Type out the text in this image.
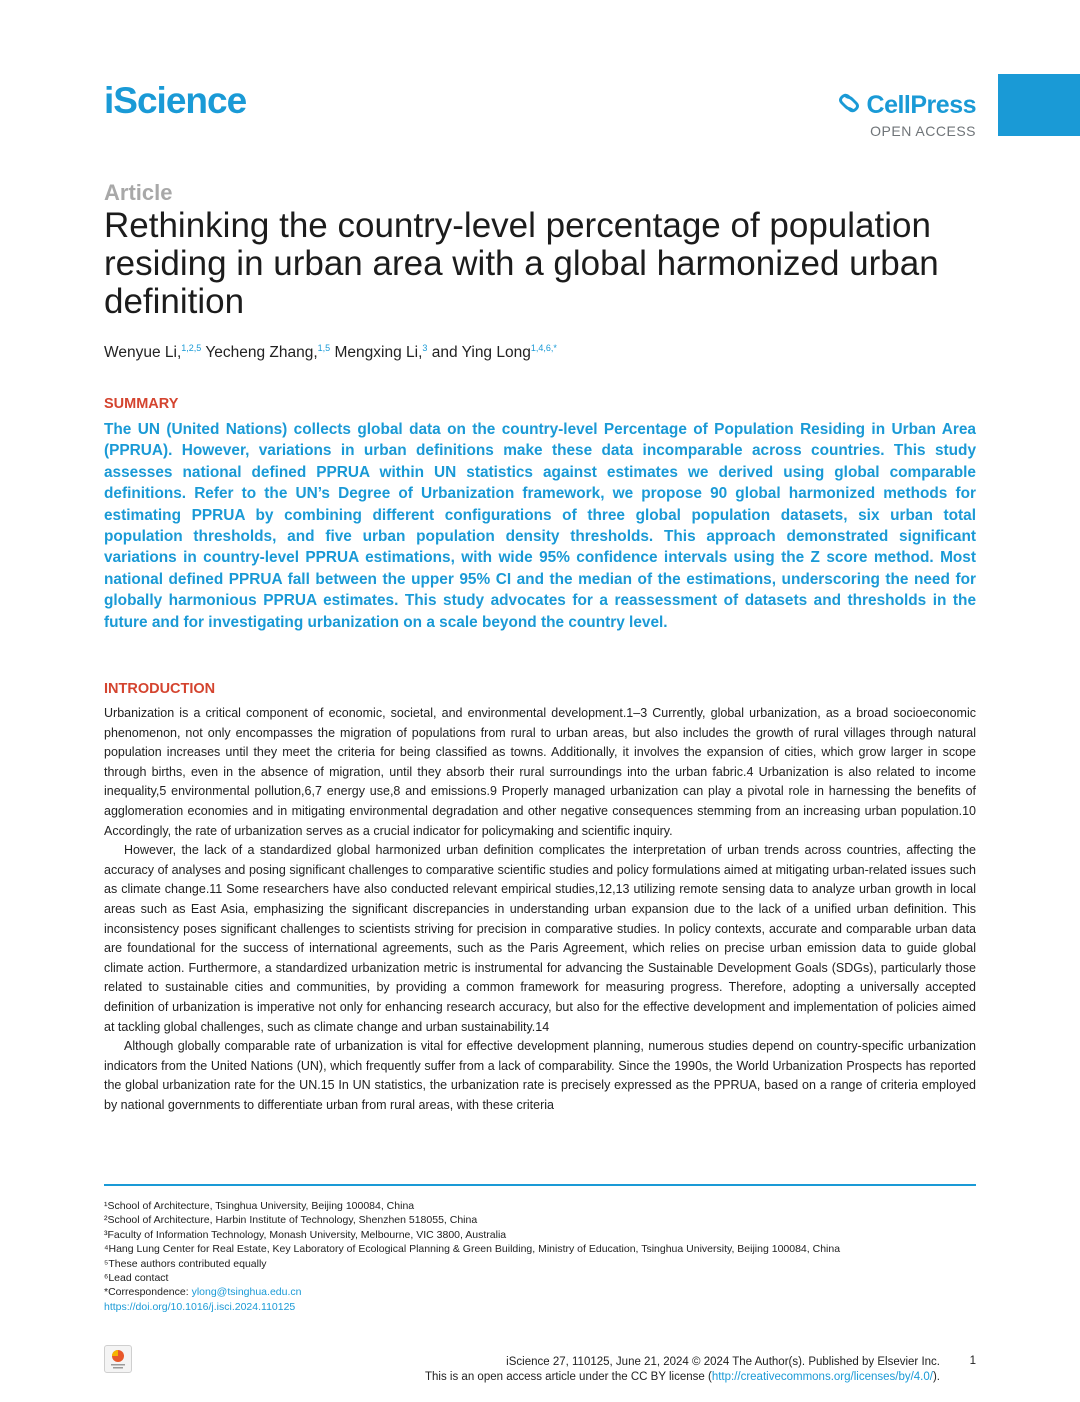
iScience	CellPress
OPEN ACCESS
Article
Rethinking the country-level percentage of population residing in urban area with a global harmonized urban definition
Wenyue Li,$^{1,2,5}$ Yecheng Zhang,$^{1,5}$ Mengxing Li,$^3$ and Ying Long$^{1,4,6,*}$
SUMMARY
The UN (United Nations) collects global data on the country-level Percentage of Population Residing in Urban Area (PPRUA). However, variations in urban definitions make these data incomparable across countries. This study assesses national defined PPRUA within UN statistics against estimates we derived using global comparable definitions. Refer to the UN’s Degree of Urbanization framework, we propose 90 global harmonized methods for estimating PPRUA by combining different configurations of three global population datasets, six urban total population thresholds, and five urban population density thresholds. This approach demonstrated significant variations in country-level PPRUA estimations, with wide 95% confidence intervals using the Z score method. Most national defined PPRUA fall between the upper 95% CI and the median of the estimations, underscoring the need for globally harmonious PPRUA estimates. This study advocates for a reassessment of datasets and thresholds in the future and for investigating urbanization on a scale beyond the country level.
INTRODUCTION

Urbanization is a critical component of economic, societal, and environmental development.1–3 Currently, global urbanization, as a broad socioeconomic phenomenon, not only encompasses the migration of populations from rural to urban areas, but also includes the growth of rural villages through natural population increases until they meet the criteria for being classified as towns. Additionally, it involves the expansion of cities, which grow larger in scope through births, even in the absence of migration, until they absorb their rural surroundings into the urban fabric.4 Urbanization is also related to income inequality,5 environmental pollution,6,7 energy use,8 and emissions.9 Properly managed urbanization can play a pivotal role in harnessing the benefits of agglomeration economies and in mitigating environmental degradation and other negative consequences stemming from an increasing urban population.10 Accordingly, the rate of urbanization serves as a crucial indicator for policymaking and scientific inquiry.

However, the lack of a standardized global harmonized urban definition complicates the interpretation of urban trends across countries, affecting the accuracy of analyses and posing significant challenges to comparative scientific studies and policy formulations aimed at mitigating urban-related issues such as climate change.11 Some researchers have also conducted relevant empirical studies,12,13 utilizing remote sensing data to analyze urban growth in local areas such as East Asia, emphasizing the significant discrepancies in understanding urban expansion due to the lack of a unified urban definition. This inconsistency poses significant challenges to scientists striving for precision in comparative studies. In policy contexts, accurate and comparable urban data are foundational for the success of international agreements, such as the Paris Agreement, which relies on precise urban emission data to guide global climate action. Furthermore, a standardized urbanization metric is instrumental for advancing the Sustainable Development Goals (SDGs), particularly those related to sustainable cities and communities, by providing a common framework for measuring progress. Therefore, adopting a universally accepted definition of urbanization is imperative not only for enhancing research accuracy, but also for the effective development and implementation of policies aimed at tackling global challenges, such as climate change and urban sustainability.14

Although globally comparable rate of urbanization is vital for effective development planning, numerous studies depend on country-specific urbanization indicators from the United Nations (UN), which frequently suffer from a lack of comparability. Since the 1990s, the World Urbanization Prospects has reported the global urbanization rate for the UN.15 In UN statistics, the urbanization rate is precisely expressed as the PPRUA, based on a range of criteria employed by national governments to differentiate urban from rural areas, with these criteria

¹School of Architecture, Tsinghua University, Beijing 100084, China
²School of Architecture, Harbin Institute of Technology, Shenzhen 518055, China
³Faculty of Information Technology, Monash University, Melbourne, VIC 3800, Australia
⁴Hang Lung Center for Real Estate, Key Laboratory of Ecological Planning & Green Building, Ministry of Education, Tsinghua University, Beijing 100084, China
⁵These authors contributed equally
⁶Lead contact
*Correspondence: ylong@tsinghua.edu.cn
https://doi.org/10.1016/j.isci.2024.110125
iScience 27, 110125, June 21, 2024 © 2024 The Author(s). Published by Elsevier Inc.
This is an open access article under the CC BY license (http://creativecommons.org/licenses/by/4.0/).
1
